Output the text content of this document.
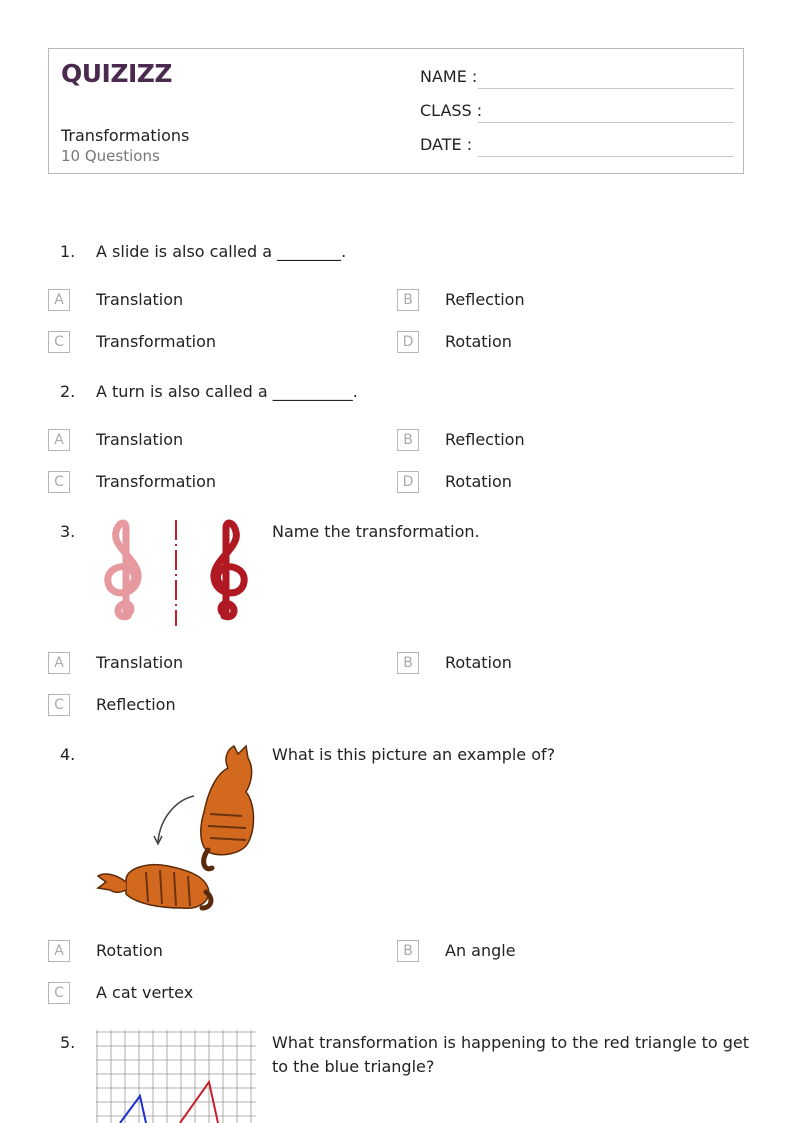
QUIZIZZ
Transformations
10 Questions
NAME :
CLASS :
DATE :
1. A slide is also called a ________.
A	Translation	B	Reflection
C	Transformation	D	Rotation
2. A turn is also called a __________.
A	Translation	B	Reflection
C	Transformation	D	Rotation
3.	Name the transformation.
A	Translation	B	Rotation
C	Reflection
4.	What is this picture an example of?
A	Rotation	B	An angle
C	A cat vertex
5.	What transformation is happening to the red triangle to get to the blue triangle?
